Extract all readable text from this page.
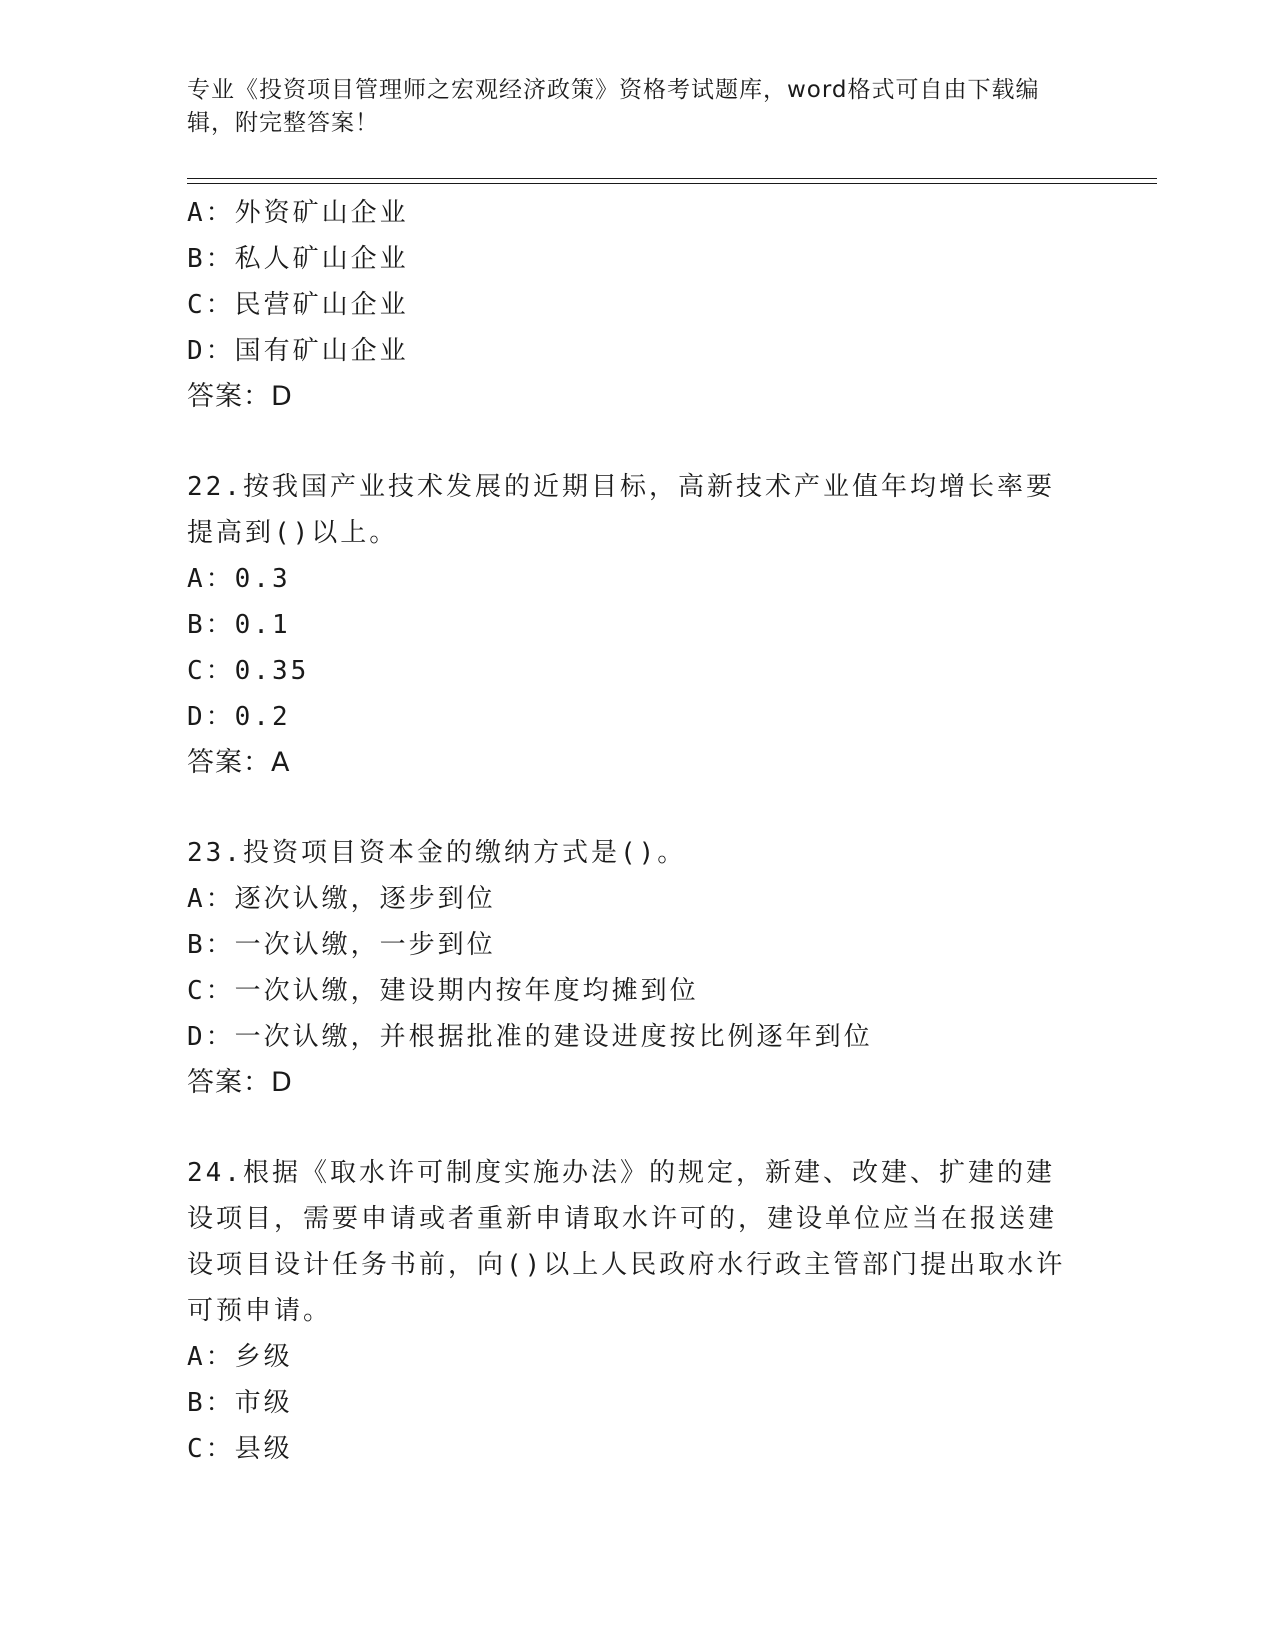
专业《投资项目管理师之宏观经济政策》资格考试题库，word格式可自由下载编辑，附完整答案！
A：外资矿山企业
B：私人矿山企业
C：民营矿山企业
D：国有矿山企业
答案：D
22.按我国产业技术发展的近期目标，高新技术产业值年均增长率要提高到()以上。
A：0.3
B：0.1
C：0.35
D：0.2
答案：A
23.投资项目资本金的缴纳方式是()。
A：逐次认缴，逐步到位
B：一次认缴，一步到位
C：一次认缴，建设期内按年度均摊到位
D：一次认缴，并根据批准的建设进度按比例逐年到位
答案：D
24.根据《取水许可制度实施办法》的规定，新建、改建、扩建的建设项目，需要申请或者重新申请取水许可的，建设单位应当在报送建设项目设计任务书前，向()以上人民政府水行政主管部门提出取水许可预申请。
A：乡级
B：市级
C：县级
